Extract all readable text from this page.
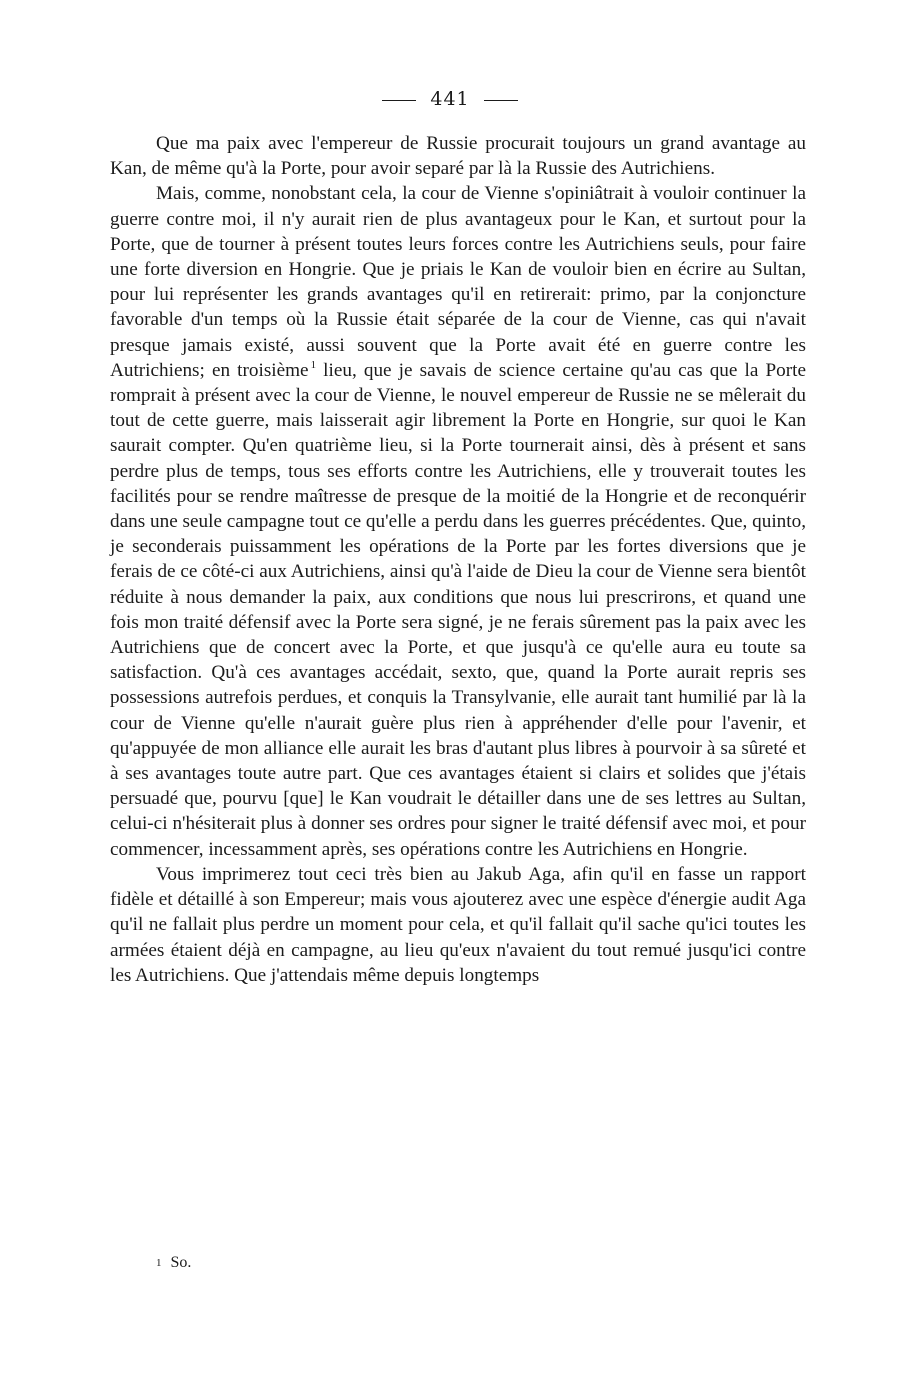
441

Que ma paix avec l'empereur de Russie procurait toujours un grand avantage au Kan, de même qu'à la Porte, pour avoir separé par là la Russie des Autrichiens.

Mais, comme, nonobstant cela, la cour de Vienne s'opiniâtrait à vouloir continuer la guerre contre moi, il n'y aurait rien de plus avantageux pour le Kan, et surtout pour la Porte, que de tourner à présent toutes leurs forces contre les Autrichiens seuls, pour faire une forte diversion en Hongrie. Que je priais le Kan de vouloir bien en écrire au Sultan, pour lui représenter les grands avantages qu'il en retirerait: primo, par la conjoncture favorable d'un temps où la Russie était séparée de la cour de Vienne, cas qui n'avait presque jamais existé, aussi souvent que la Porte avait été en guerre contre les Autrichiens; en troisième $^1$ lieu, que je savais de science certaine qu'au cas que la Porte romprait à présent avec la cour de Vienne, le nouvel empereur de Russie ne se mêlerait du tout de cette guerre, mais laisserait agir librement la Porte en Hongrie, sur quoi le Kan saurait compter. Qu'en quatrième lieu, si la Porte tournerait ainsi, dès à présent et sans perdre plus de temps, tous ses efforts contre les Autrichiens, elle y trouverait toutes les facilités pour se rendre maîtresse de presque de la moitié de la Hongrie et de reconquérir dans une seule campagne tout ce qu'elle a perdu dans les guerres précédentes. Que, quinto, je seconderais puissamment les opérations de la Porte par les fortes diversions que je ferais de ce côté-ci aux Autrichiens, ainsi qu'à l'aide de Dieu la cour de Vienne sera bientôt réduite à nous demander la paix, aux conditions que nous lui prescrirons, et quand une fois mon traité défensif avec la Porte sera signé, je ne ferais sûrement pas la paix avec les Autrichiens que de concert avec la Porte, et que jusqu'à ce qu'elle aura eu toute sa satisfaction. Qu'à ces avantages accédait, sexto, que, quand la Porte aurait repris ses possessions autrefois perdues, et conquis la Transylvanie, elle aurait tant humilié par là la cour de Vienne qu'elle n'aurait guère plus rien à appréhender d'elle pour l'avenir, et qu'appuyée de mon alliance elle aurait les bras d'autant plus libres à pourvoir à sa sûreté et à ses avantages toute autre part. Que ces avantages étaient si clairs et solides que j'étais persuadé que, pourvu [que] le Kan voudrait le détailler dans une de ses lettres au Sultan, celui-ci n'hésiterait plus à donner ses ordres pour signer le traité défensif avec moi, et pour commencer, incessamment après, ses opérations contre les Autrichiens en Hongrie.

Vous imprimerez tout ceci très bien au Jakub Aga, afin qu'il en fasse un rapport fidèle et détaillé à son Empereur; mais vous ajouterez avec une espèce d'énergie audit Aga qu'il ne fallait plus perdre un moment pour cela, et qu'il fallait qu'il sache qu'ici toutes les armées étaient déjà en campagne, au lieu qu'eux n'avaient du tout remué jusqu'ici contre les Autrichiens. Que j'attendais même depuis longtemps

1 So.
